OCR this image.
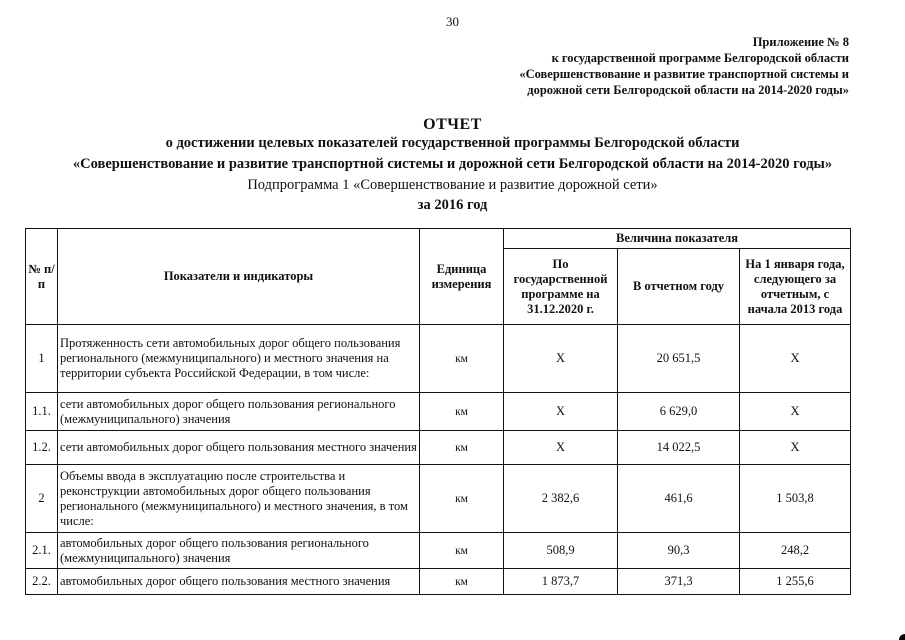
30
Приложение № 8
к государственной программе Белгородской области
«Совершенствование и развитие транспортной системы и
дорожной сети Белгородской области на 2014-2020 годы»
ОТЧЕТ
о достижении целевых показателей государственной программы Белгородской области
«Совершенствование и развитие транспортной системы и дорожной сети Белгородской области на 2014-2020 годы»
Подпрограмма 1 «Совершенствование и развитие дорожной сети»
за 2016 год
№ п/п	Показатели и индикаторы	Единица измерения	Величина показателя		
			По государственной программе на 31.12.2020 г.	В отчетном году	На 1 января года, следующего за отчетным, с начала 2013 года
1	Протяженность сети автомобильных дорог общего пользования регионального (межмуниципального) и местного значения на территории субъекта Российской Федерации, в том числе:	км	Х	20 651,5	Х
1.1.	сети автомобильных дорог общего пользования регионального (межмуниципального) значения	км	Х	6 629,0	Х
1.2.	сети автомобильных дорог общего пользования местного значения	км	Х	14 022,5	Х
2	Объемы ввода в эксплуатацию после строительства и реконструкции автомобильных дорог общего пользования регионального (межмуниципального) и местного значения, в том числе:	км	2 382,6	461,6	1 503,8
2.1.	автомобильных дорог общего пользования регионального (межмуниципального) значения	км	508,9	90,3	248,2
2.2.	автомобильных дорог общего пользования местного значения	км	1 873,7	371,3	1 255,6
